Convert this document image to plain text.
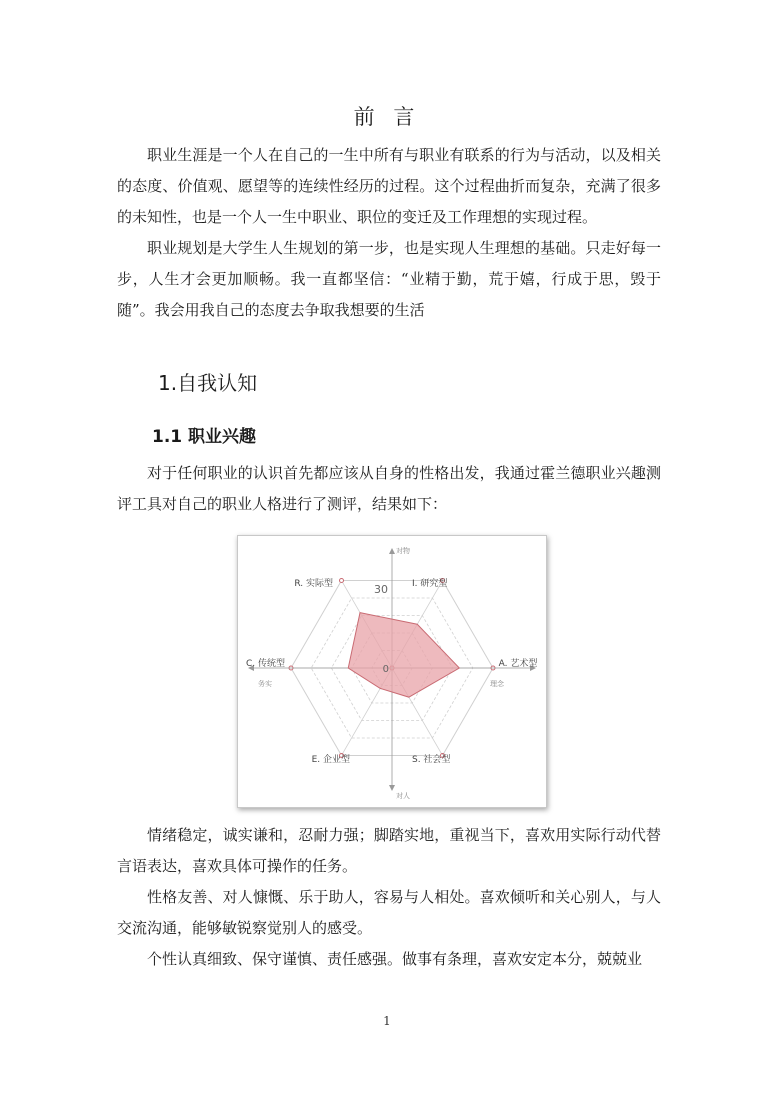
前 言

职业生涯是一个人在自己的一生中所有与职业有联系的行为与活动，以及相关的态度、价值观、愿望等的连续性经历的过程。这个过程曲折而复杂，充满了很多的未知性，也是一个人一生中职业、职位的变迁及工作理想的实现过程。

职业规划是大学生人生规划的第一步，也是实现人生理想的基础。只走好每一步，人生才会更加顺畅。我一直都坚信：“业精于勤，荒于嬉，行成于思，毁于随”。我会用我自己的态度去争取我想要的生活

1.自我认知
1.1 职业兴趣

对于任何职业的认识首先都应该从自身的性格出发，我通过霍兰德职业兴趣测评工具对自己的职业人格进行了测评，结果如下：

R. 实际型	I. 研究型
A. 艺术型
S. 社会型
E. 企业型
C. 传统型
30
0
对物
对人
务实	理念

情绪稳定，诚实谦和，忍耐力强；脚踏实地，重视当下，喜欢用实际行动代替言语表达，喜欢具体可操作的任务。

性格友善、对人慷慨、乐于助人，容易与人相处。喜欢倾听和关心别人，与人交流沟通，能够敏锐察觉别人的感受。

个性认真细致、保守谨慎、责任感强。做事有条理，喜欢安定本分，兢兢业

1
